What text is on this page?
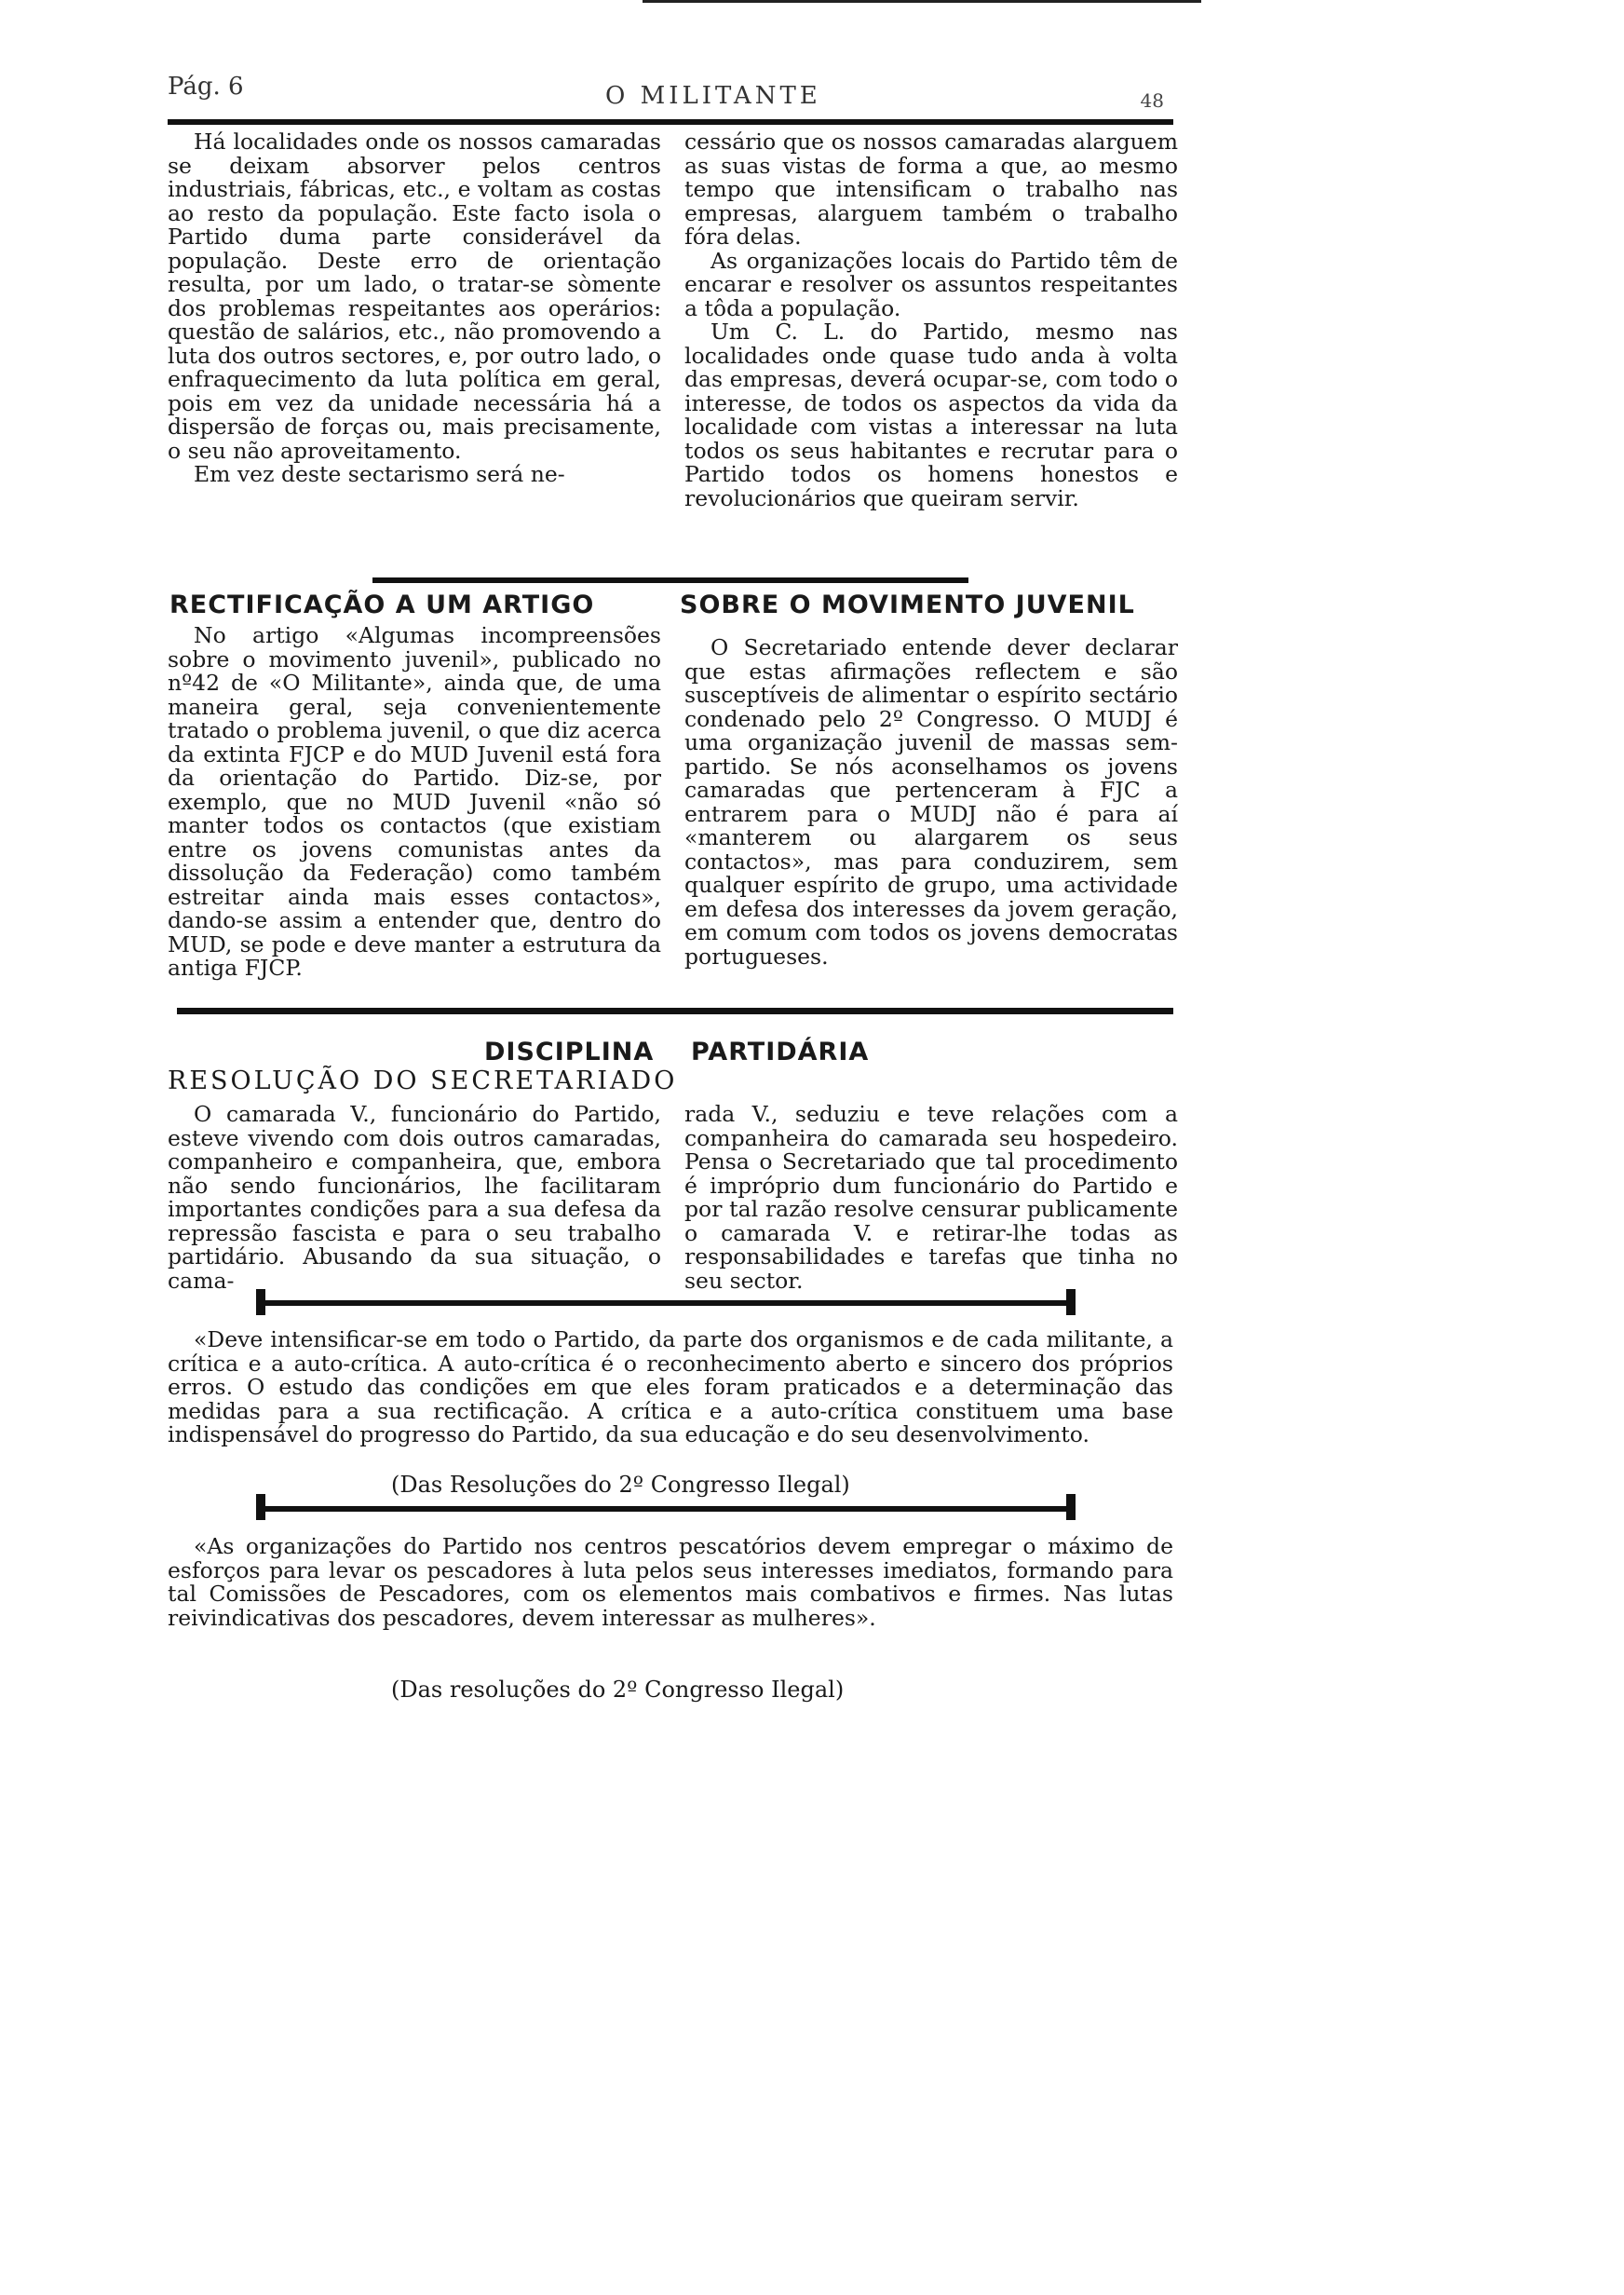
Pág. 6	O MILITANTE	48

Há localidades onde os nossos camaradas se deixam absorver pelos centros industriais, fábricas, etc., e voltam as costas ao resto da população. Este facto isola o Partido duma parte considerável da população. Deste erro de orientação resulta, por um lado, o tratar-se sòmente dos problemas respeitantes aos operários: questão de salários, etc., não promovendo a luta dos outros sectores, e, por outro lado, o enfraquecimento da luta política em geral, pois em vez da unidade necessária há a dispersão de forças ou, mais precisamente, o seu não aproveitamento.

Em vez deste sectarismo será ne-

cessário que os nossos camaradas alarguem as suas vistas de forma a que, ao mesmo tempo que intensificam o trabalho nas empresas, alarguem também o trabalho fóra delas.

As organizações locais do Partido têm de encarar e resolver os assuntos respeitantes a tôda a população.

Um C. L. do Partido, mesmo nas localidades onde quase tudo anda à volta das empresas, deverá ocupar-se, com todo o interesse, de todos os aspectos da vida da localidade com vistas a interessar na luta todos os seus habitantes e recrutar para o Partido todos os homens honestos e revolucionários que queiram servir.

RECTIFICAÇÃO A UM ARTIGO	SOBRE O MOVIMENTO JUVENIL

No artigo «Algumas incompreensões sobre o movimento juvenil», publicado no nº42 de «O Militante», ainda que, de uma maneira geral, seja convenientemente tratado o problema juvenil, o que diz acerca da extinta FJCP e do MUD Juvenil está fora da orientação do Partido. Diz-se, por exemplo, que no MUD Juvenil «não só manter todos os contactos (que existiam entre os jovens comunistas antes da dissolução da Federação) como também estreitar ainda mais esses contactos», dando-se assim a entender que, dentro do MUD, se pode e deve manter a estrutura da antiga FJCP.

O Secretariado entende dever declarar que estas afirmações reflectem e são susceptíveis de alimentar o espírito sectário condenado pelo 2º Congresso. O MUDJ é uma organização juvenil de massas sem-partido. Se nós aconselhamos os jovens camaradas que pertenceram à FJC a entrarem para o MUDJ não é para aí «manterem ou alargarem os seus contactos», mas para conduzirem, sem qualquer espírito de grupo, uma actividade em defesa dos interesses da jovem geração, em comum com todos os jovens democratas portugueses.

DISCIPLINA PARTIDÁRIA
RESOLUÇÃO DO SECRETARIADO

O camarada V., funcionário do Partido, esteve vivendo com dois outros camaradas, companheiro e companheira, que, embora não sendo funcionários, lhe facilitaram importantes condições para a sua defesa da repressão fascista e para o seu trabalho partidário. Abusando da sua situação, o cama-

rada V., seduziu e teve relações com a companheira do camarada seu hospedeiro. Pensa o Secretariado que tal procedimento é impróprio dum funcionário do Partido e por tal razão resolve censurar publicamente o camarada V. e retirar-lhe todas as responsabilidades e tarefas que tinha no seu sector.

«Deve intensificar-se em todo o Partido, da parte dos organismos e de cada militante, a crítica e a auto-crítica. A auto-crítica é o reconhecimento aberto e sincero dos próprios erros. O estudo das condições em que eles foram praticados e a determinação das medidas para a sua rectificação. A crítica e a auto-crítica constituem uma base indispensável do progresso do Partido, da sua educação e do seu desenvolvimento.

(Das Resoluções do 2º Congresso Ilegal)

«As organizações do Partido nos centros pescatórios devem empregar o máximo de esforços para levar os pescadores à luta pelos seus interesses imediatos, formando para tal Comissões de Pescadores, com os elementos mais combativos e firmes. Nas lutas reivindicativas dos pescadores, devem interessar as mulheres».

(Das resoluções do 2º Congresso Ilegal)
